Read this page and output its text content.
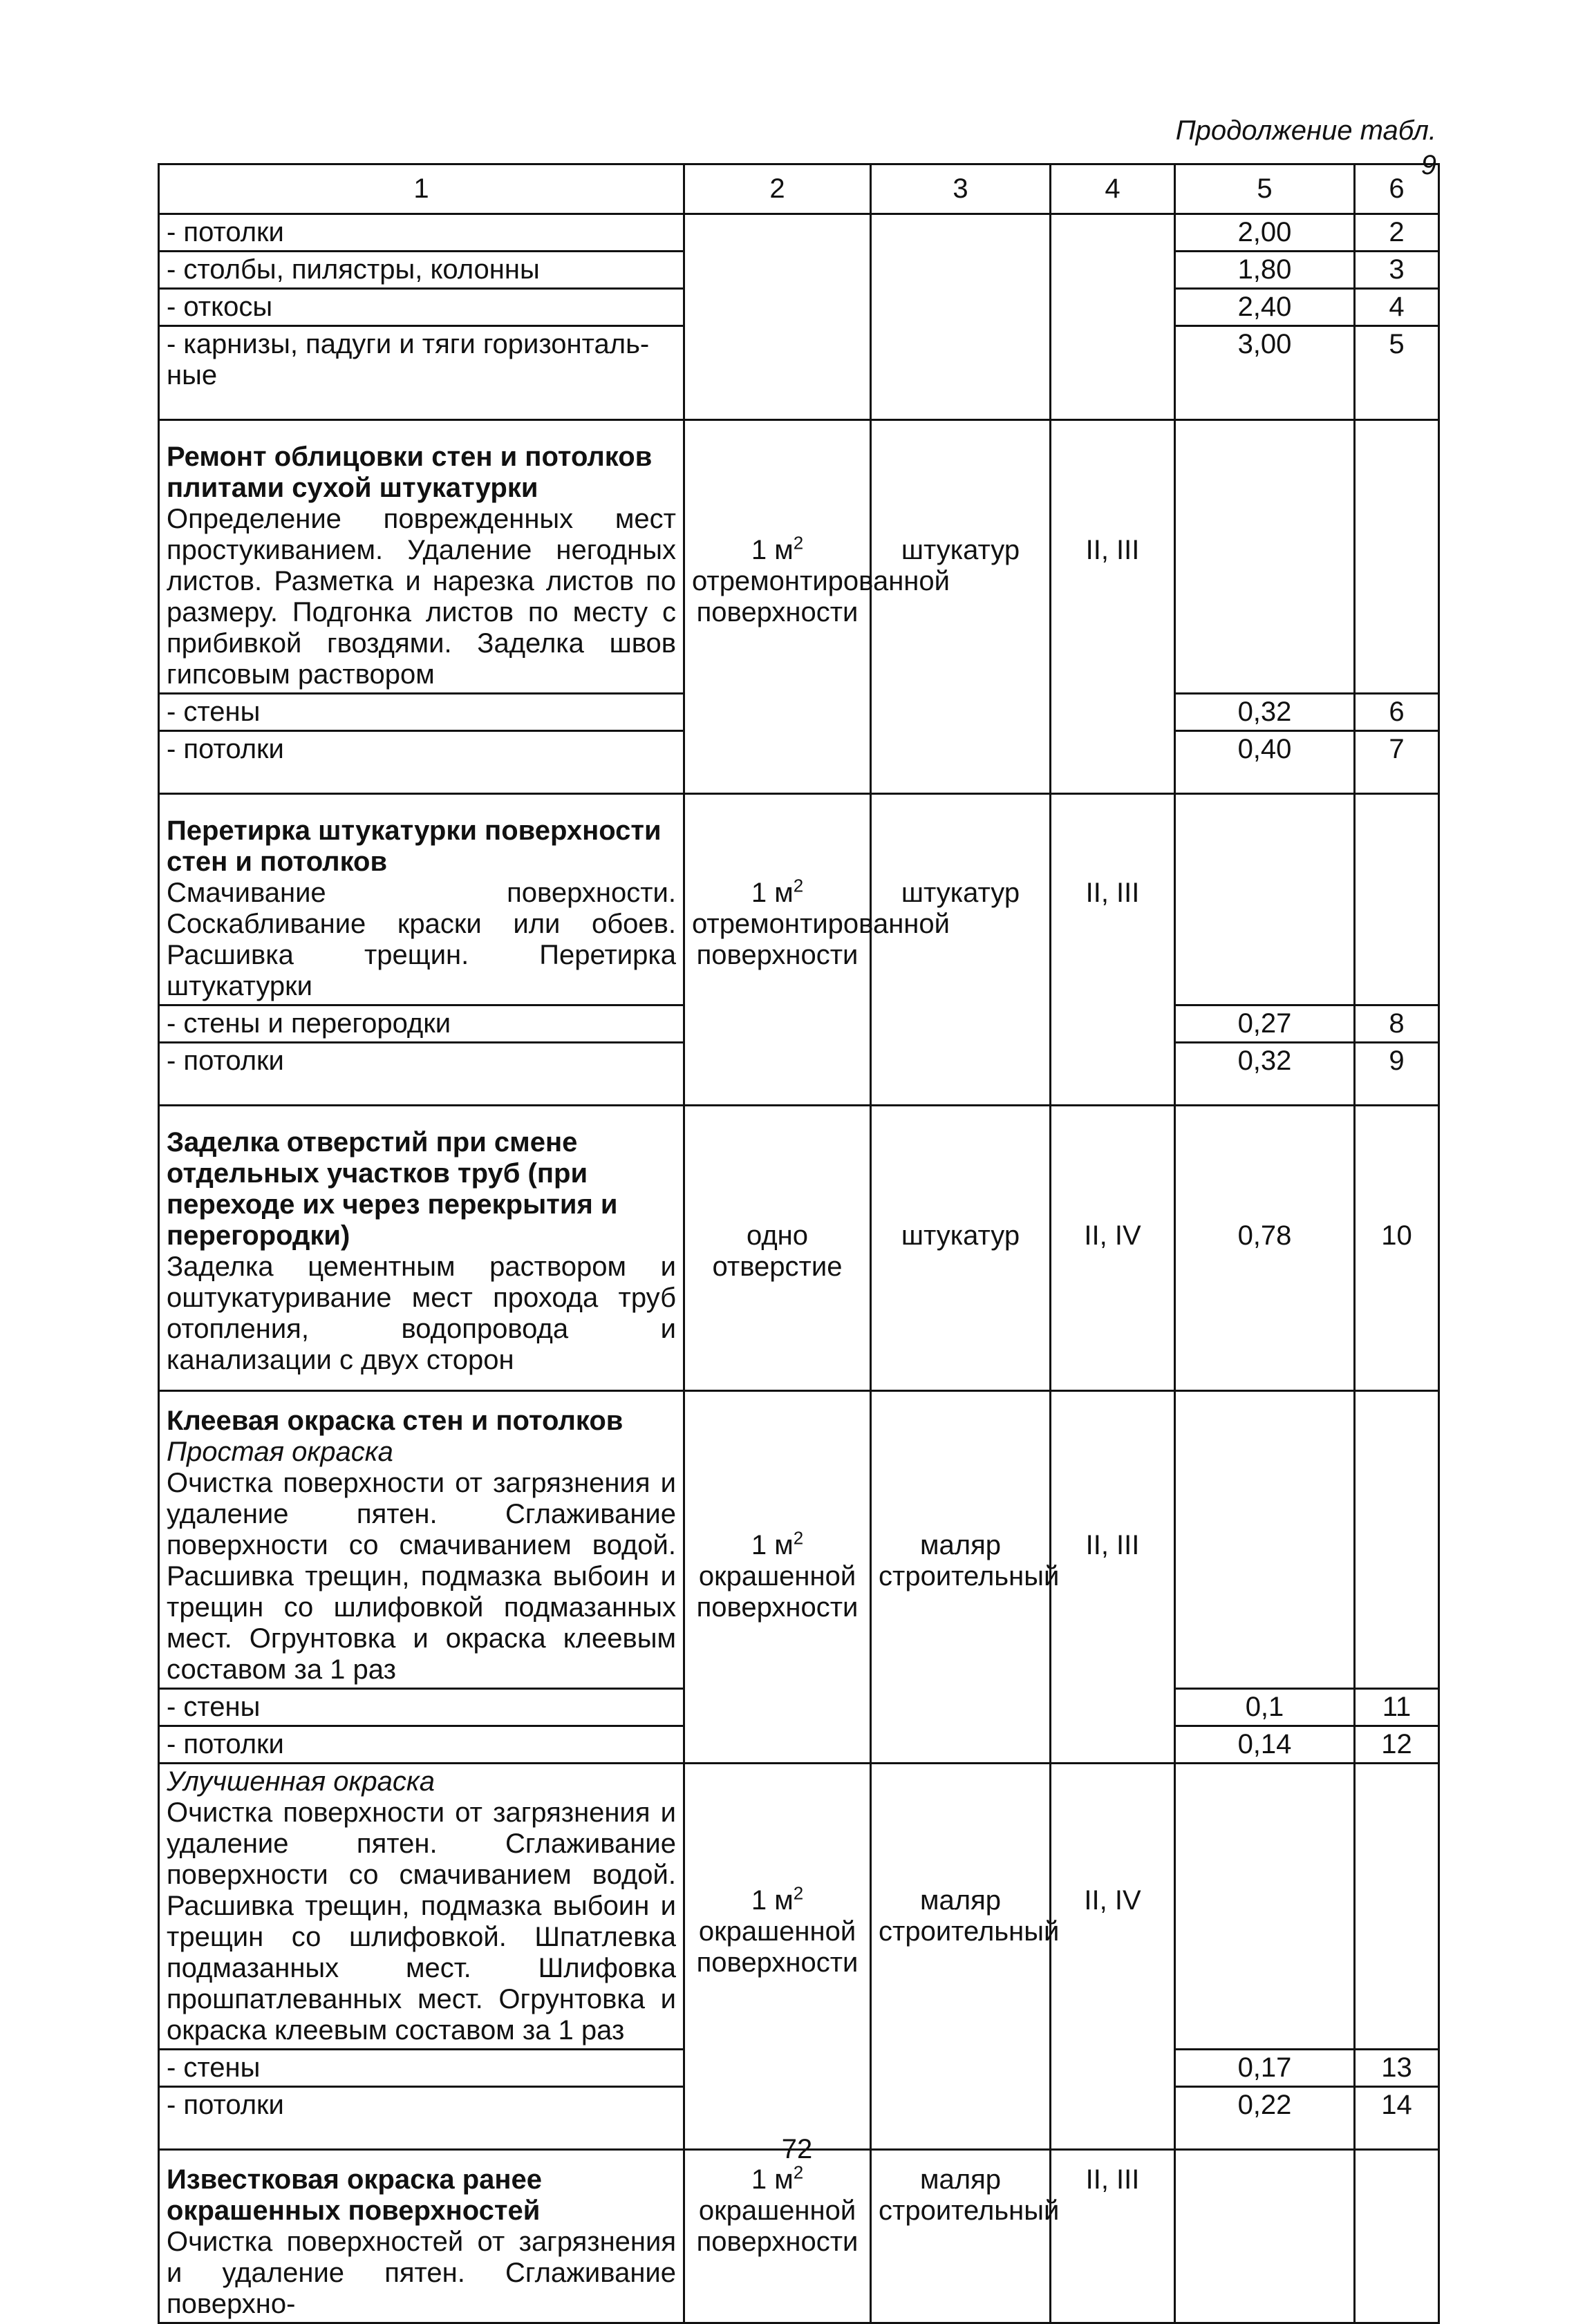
Продолжение табл. 9
1	2	3	4	5	6
- потолки				2,00	2
- столбы, пилястры, колонны				1,80	3
- откосы				2,40	4

- карнизы, падуги и тяги горизонталь-
ные				3,00	5

Ремонт облицовки стен и потолков плитами сухой штукатурки
Определение поврежденных мест простукиванием. Удаление негодных листов. Разметка и нарезка листов по размеру. Подгонка листов по месту с прибивкой гвоздями. Заделка швов гипсовым раствором	1 $м^2$ отремонтированной поверхности	штукатур	II, III		
- стены				0,32	6
- потолки				0,40	7

Перетирка штукатурки поверхности стен и потолков
Смачивание поверхности. Соскабливание краски или обоев. Расшивка трещин. Перетирка штукатурки	1 $м^2$ отремонтированной поверхности	штукатур	II, III		
- стены и перегородки				0,27	8
- потолки				0,32	9

Заделка отверстий при смене отдельных участков труб (при переходе их через перекрытия и перегородки)
Заделка цементным раствором и оштукатуривание мест прохода труб отопления, водопровода и канализации с двух сторон	одно отверстие	штукатур	II, IV	0,78	10

Клеевая окраска стен и потолков
Простая окраска
Очистка поверхности от загрязнения и удаление пятен. Сглаживание поверхности со смачиванием водой. Расшивка трещин, подмазка выбоин и трещин со шлифовкой подмазанных мест. Огрунтовка и окраска клеевым составом за 1 раз	1 $м^2$ окрашенной поверхности	маляр строительный	II, III		
- стены				0,1	11
- потолки				0,14	12

Улучшенная окраска
Очистка поверхности от загрязнения и удаление пятен. Сглаживание поверхности со смачиванием водой. Расшивка трещин, подмазка выбоин и трещин со шлифовкой. Шпатлевка подмазанных мест. Шлифовка прошпатлеванных мест. Огрунтовка и окраска клеевым составом за 1 раз	1 $м^2$ окрашенной поверхности	маляр строительный	II, IV		
- стены				0,17	13
- потолки				0,22	14

Известковая окраска ранее окрашенных поверхностей
Очистка поверхностей от загрязнения и удаление пятен. Сглаживание поверхно-	1 $м^2$ окрашенной поверхности	маляр строительный	II, III		
72
